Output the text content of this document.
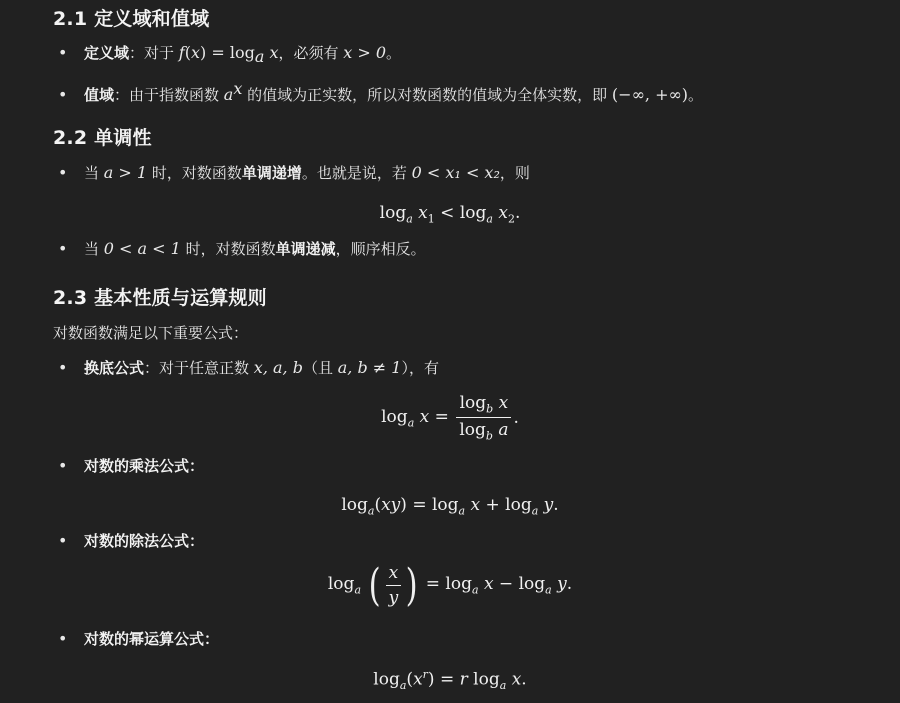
2.1 定义域和值域
• 定义域：对于 $f(x) = \log_a x$，必须有 x > 0。
• 值域：由于指数函数 $a^x$ 的值域为正实数，所以对数函数的值域为全体实数，即 (−∞, +∞)。
2.2 单调性
• 当 a > 1 时，对数函数单调递增。也就是说，若 0 < x₁ < x₂，则
$\log_a x_1 < \log_a x_2$.
• 当 0 < a < 1 时，对数函数单调递减，顺序相反。
2.3 基本性质与运算规则
对数函数满足以下重要公式：
• 换底公式：对于任意正数 x, a, b（且 a, b ≠ 1），有
$\log_a x = \frac{\log_b x}{\log_b a}$ .
• 对数的乘法公式：
$\log_a(xy) = \log_a x + \log_a y$.
• 对数的除法公式：
$\log_a$ ( $\frac{x}{y}$ ) = $\log_a x - \log_a y$.
• 对数的幂运算公式：
$\log_a(x^r) = r$ $\log_a x$.
